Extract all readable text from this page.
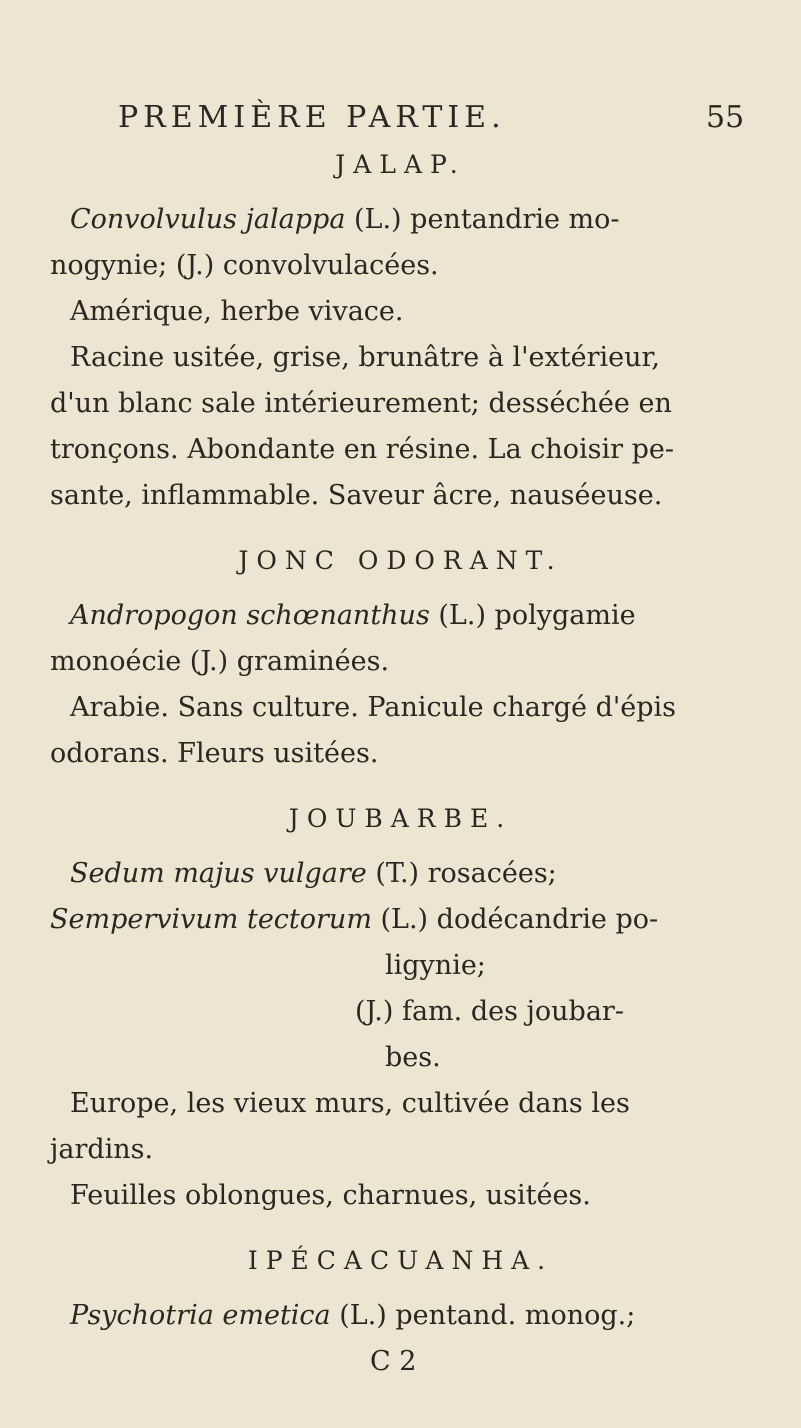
PREMIÈRE PARTIE.	55
JALAP.
Convolvulus jalappa (L.) pentandrie mo-
nogynie; (J.) convolvulacées.
Amérique, herbe vivace.
Racine usitée, grise, brunâtre à l'extérieur,
d'un blanc sale intérieurement; desséchée en
tronçons. Abondante en résine. La choisir pe-
sante, inflammable. Saveur âcre, nauséeuse.
JONC ODORANT.
Andropogon schœnanthus (L.) polygamie
monoécie (J.) graminées.
Arabie. Sans culture. Panicule chargé d'épis
odorans. Fleurs usitées.
JOUBARBE.
Sedum majus vulgare (T.) rosacées;
Sempervivum tectorum (L.) dodécandrie po-
ligynie;
(J.) fam. des joubar-
bes.
Europe, les vieux murs, cultivée dans les
jardins.
Feuilles oblongues, charnues, usitées.
IPÉCACUANHA.
Psychotria emetica (L.) pentand. monog.;
C 2
